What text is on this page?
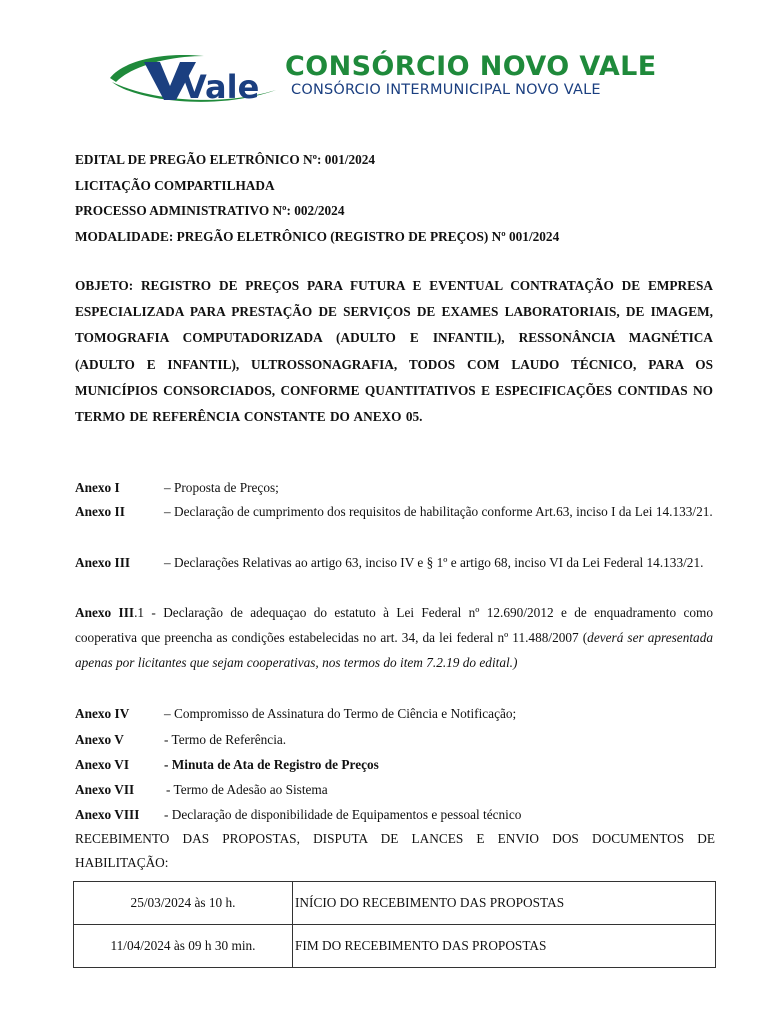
Vale
CONSÓRCIO NOVO VALE
CONSÓRCIO INTERMUNICIPAL NOVO VALE
EDITAL DE PREGÃO ELETRÔNICO Nº: 001/2024
LICITAÇÃO COMPARTILHADA
PROCESSO ADMINISTRATIVO Nº: 002/2024
MODALIDADE: PREGÃO ELETRÔNICO (REGISTRO DE PREÇOS) Nº 001/2024
OBJETO: REGISTRO DE PREÇOS PARA FUTURA E EVENTUAL CONTRATAÇÃO DE EMPRESA ESPECIALIZADA PARA PRESTAÇÃO DE SERVIÇOS DE EXAMES LABORATORIAIS, DE IMAGEM, TOMOGRAFIA COMPUTADORIZADA (ADULTO E INFANTIL), RESSONÂNCIA MAGNÉTICA (ADULTO E INFANTIL), ULTROSSONAGRAFIA, TODOS COM LAUDO TÉCNICO, PARA OS MUNICÍPIOS CONSORCIADOS, CONFORME QUANTITATIVOS E ESPECIFICAÇÕES CONTIDAS NO TERMO DE REFERÊNCIA CONSTANTE DO ANEXO 05.
Anexo I	– Proposta de Preços;
Anexo II	– Declaração de cumprimento dos requisitos de habilitação conforme Art.63, inciso I da Lei 14.133/21.
Anexo III	– Declarações Relativas ao artigo 63, inciso IV e § 1º e artigo 68, inciso VI da Lei Federal 14.133/21.
Anexo III.1 - Declaração de adequaçao do estatuto à Lei Federal nº 12.690/2012 e de enquadramento como cooperativa que preencha as condições estabelecidas no art. 34, da lei federal nº 11.488/2007 (deverá ser apresentada apenas por licitantes que sejam cooperativas, nos termos do item 7.2.19 do edital.)
Anexo IV	– Compromisso de Assinatura do Termo de Ciência e Notificação;
Anexo V	- Termo de Referência.
Anexo VI	- Minuta de Ata de Registro de Preços
Anexo VII - Termo de Adesão ao Sistema
Anexo VIII - Declaração de disponibilidade de Equipamentos e pessoal técnico
RECEBIMENTO DAS PROPOSTAS, DISPUTA DE LANCES E ENVIO DOS DOCUMENTOS DE HABILITAÇÃO:
25/03/2024 às 10 h.	INÍCIO DO RECEBIMENTO DAS PROPOSTAS
11/04/2024 às 09 h 30 min.	FIM DO RECEBIMENTO DAS PROPOSTAS
